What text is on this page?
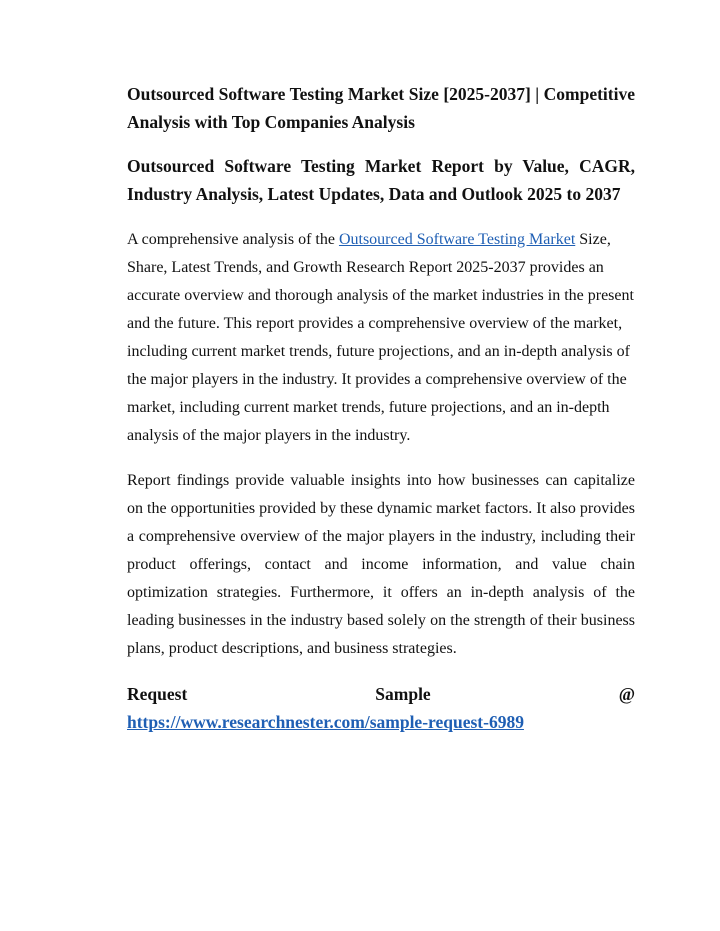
Outsourced Software Testing Market Size [2025-2037] | Competitive Analysis with Top Companies Analysis
Outsourced Software Testing Market Report by Value, CAGR, Industry Analysis, Latest Updates, Data and Outlook 2025 to 2037

A comprehensive analysis of the Outsourced Software Testing Market Size, Share, Latest Trends, and Growth Research Report 2025-2037 provides an accurate overview and thorough analysis of the market industries in the present and the future. This report provides a comprehensive overview of the market, including current market trends, future projections, and an in-depth analysis of the major players in the industry. It provides a comprehensive overview of the market, including current market trends, future projections, and an in-depth analysis of the major players in the industry.

Report findings provide valuable insights into how businesses can capitalize on the opportunities provided by these dynamic market factors. It also provides a comprehensive overview of the major players in the industry, including their product offerings, contact and income information, and value chain optimization strategies. Furthermore, it offers an in-depth analysis of the leading businesses in the industry based solely on the strength of their business plans, product descriptions, and business strategies.

Request	Sample	@
https://www.researchnester.com/sample-request-6989
